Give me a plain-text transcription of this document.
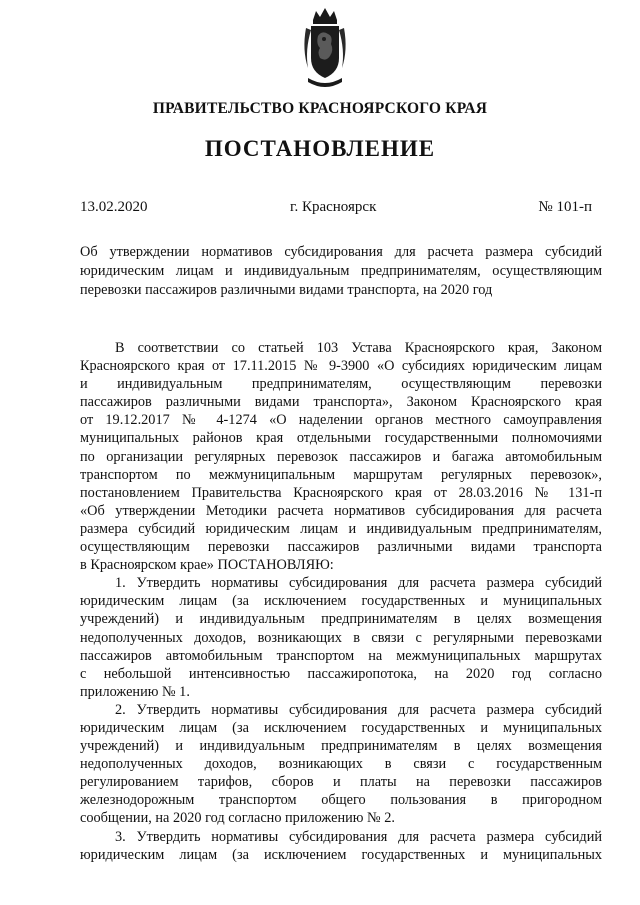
ПРАВИТЕЛЬСТВО КРАСНОЯРСКОГО КРАЯ
ПОСТАНОВЛЕНИЕ
13.02.2020	г. Красноярск	№ 101-п
Об утверждении нормативов субсидирования для расчета размера субсидий
юридическим лицам и индивидуальным предпринимателям, осуществляющим
перевозки пассажиров различными видами транспорта, на 2020 год
В соответствии со статьей 103 Устава Красноярского края, Законом
Красноярского края от 17.11.2015 № 9-3900 «О субсидиях юридическим лицам
и индивидуальным предпринимателям, осуществляющим перевозки
пассажиров различными видами транспорта», Законом Красноярского края
от 19.12.2017 № 4-1274 «О наделении органов местного самоуправления
муниципальных районов края отдельными государственными полномочиями
по организации регулярных перевозок пассажиров и багажа автомобильным
транспортом по межмуниципальным маршрутам регулярных перевозок»,
постановлением Правительства Красноярского края от 28.03.2016 № 131-п
«Об утверждении Методики расчета нормативов субсидирования для расчета
размера субсидий юридическим лицам и индивидуальным предпринимателям,
осуществляющим перевозки пассажиров различными видами транспорта
в Красноярском крае» ПОСТАНОВЛЯЮ:
1. Утвердить нормативы субсидирования для расчета размера субсидий
юридическим лицам (за исключением государственных и муниципальных
учреждений) и индивидуальным предпринимателям в целях возмещения
недополученных доходов, возникающих в связи с регулярными перевозками
пассажиров автомобильным транспортом на межмуниципальных маршрутах
с небольшой интенсивностью пассажиропотока, на 2020 год согласно
приложению № 1.
2. Утвердить нормативы субсидирования для расчета размера субсидий
юридическим лицам (за исключением государственных и муниципальных
учреждений) и индивидуальным предпринимателям в целях возмещения
недополученных доходов, возникающих в связи с государственным
регулированием тарифов, сборов и платы на перевозки пассажиров
железнодорожным транспортом общего пользования в пригородном
сообщении, на 2020 год согласно приложению № 2.
3. Утвердить нормативы субсидирования для расчета размера субсидий
юридическим лицам (за исключением государственных и муниципальных
